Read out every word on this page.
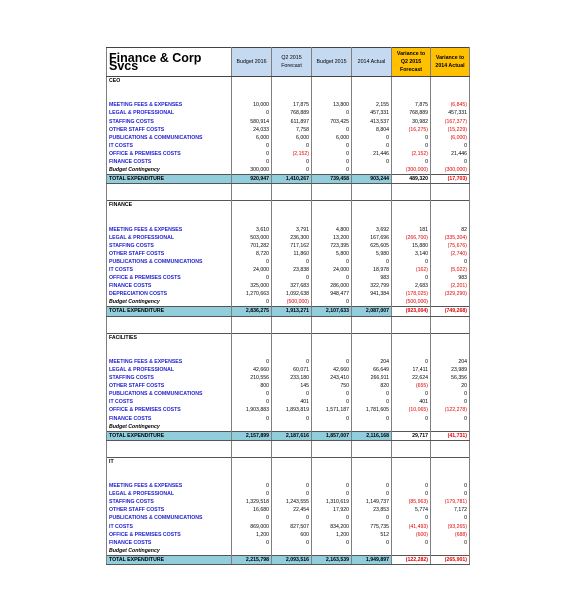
Finance & Corp Svcs	Budget 2016	Q2 2015 Forecast	Budget 2015	2014 Actual	Variance to Q2 2015 Forecast	Variance to 2014 Actual
CEO						

MEETING FEES & EXPENSES	10,000	17,875	13,800	2,155	7,875	(6,845)
LEGAL & PROFESSIONAL	0	768,889	0	457,331	768,889	457,331
STAFFING COSTS	580,914	611,897	703,425	413,537	30,982	(167,377)
OTHER STAFF COSTS	24,033	7,758	0	8,804	(16,275)	(15,229)
PUBLICATIONS & COMMUNICATIONS	6,000	6,000	6,000	0	0	(6,000)
IT COSTS	0	0	0	0	0	0
OFFICE & PREMISES COSTS	0	(2,152)	0	21,446	(2,152)	21,446
FINANCE COSTS	0	0	0	0	0	0
Budget Contingency	300,000	0	0		(300,000)	(300,000)
TOTAL EXPENDITURE	920,947	1,410,267	739,458	903,244	489,320	(17,703)

FINANCE						

MEETING FEES & EXPENSES	3,610	3,791	4,800	3,692	181	82
LEGAL & PROFESSIONAL	503,000	236,300	13,200	167,696	(266,700)	(335,304)
STAFFING COSTS	701,282	717,162	723,395	625,605	15,880	(75,676)
OTHER STAFF COSTS	8,720	11,860	5,800	5,980	3,140	(2,740)
PUBLICATIONS & COMMUNICATIONS	0	0	0	0	0	0
IT COSTS	24,000	23,838	24,000	18,978	(162)	(5,022)
OFFICE & PREMISES COSTS	0	0	0	983	0	983
FINANCE COSTS	325,000	327,683	286,000	322,799	2,683	(2,201)
DEPRECIATION COSTS	1,270,663	1,092,638	948,477	941,384	(178,025)	(329,290)
Budget Contingency	0	(500,000)	0		(500,000)	
TOTAL EXPENDITURE	2,836,275	1,913,271	2,107,633	2,087,007	(923,004)	(749,268)

FACILITIES						

MEETING FEES & EXPENSES	0	0	0	204	0	204
LEGAL & PROFESSIONAL	42,660	60,071	42,660	66,649	17,411	23,989
STAFFING COSTS	210,556	233,180	243,410	266,911	22,624	56,356
OTHER STAFF COSTS	800	145	750	820	(655)	20
PUBLICATIONS & COMMUNICATIONS	0	0	0	0	0	0
IT COSTS	0	401	0	0	401	0
OFFICE & PREMISES COSTS	1,903,883	1,893,819	1,571,187	1,781,605	(10,065)	(122,278)
FINANCE COSTS	0	0	0	0	0	0
Budget Contingency						
TOTAL EXPENDITURE	2,157,899	2,187,616	1,857,007	2,116,168	29,717	(41,731)

IT						

MEETING FEES & EXPENSES	0	0	0	0	0	0
LEGAL & PROFESSIONAL	0	0	0	0	0	0
STAFFING COSTS	1,329,518	1,243,555	1,310,619	1,149,737	(85,963)	(179,781)
OTHER STAFF COSTS	16,680	22,454	17,920	23,853	5,774	7,172
PUBLICATIONS & COMMUNICATIONS	0	0	0	0	0	0
IT COSTS	869,000	827,507	834,200	775,735	(41,493)	(93,265)
OFFICE & PREMISES COSTS	1,200	600	1,200	512	(600)	(688)
FINANCE COSTS	0	0	0	0	0	0
Budget Contingency						
TOTAL EXPENDITURE	2,215,798	2,093,516	2,163,539	1,949,897	(122,282)	(265,901)
